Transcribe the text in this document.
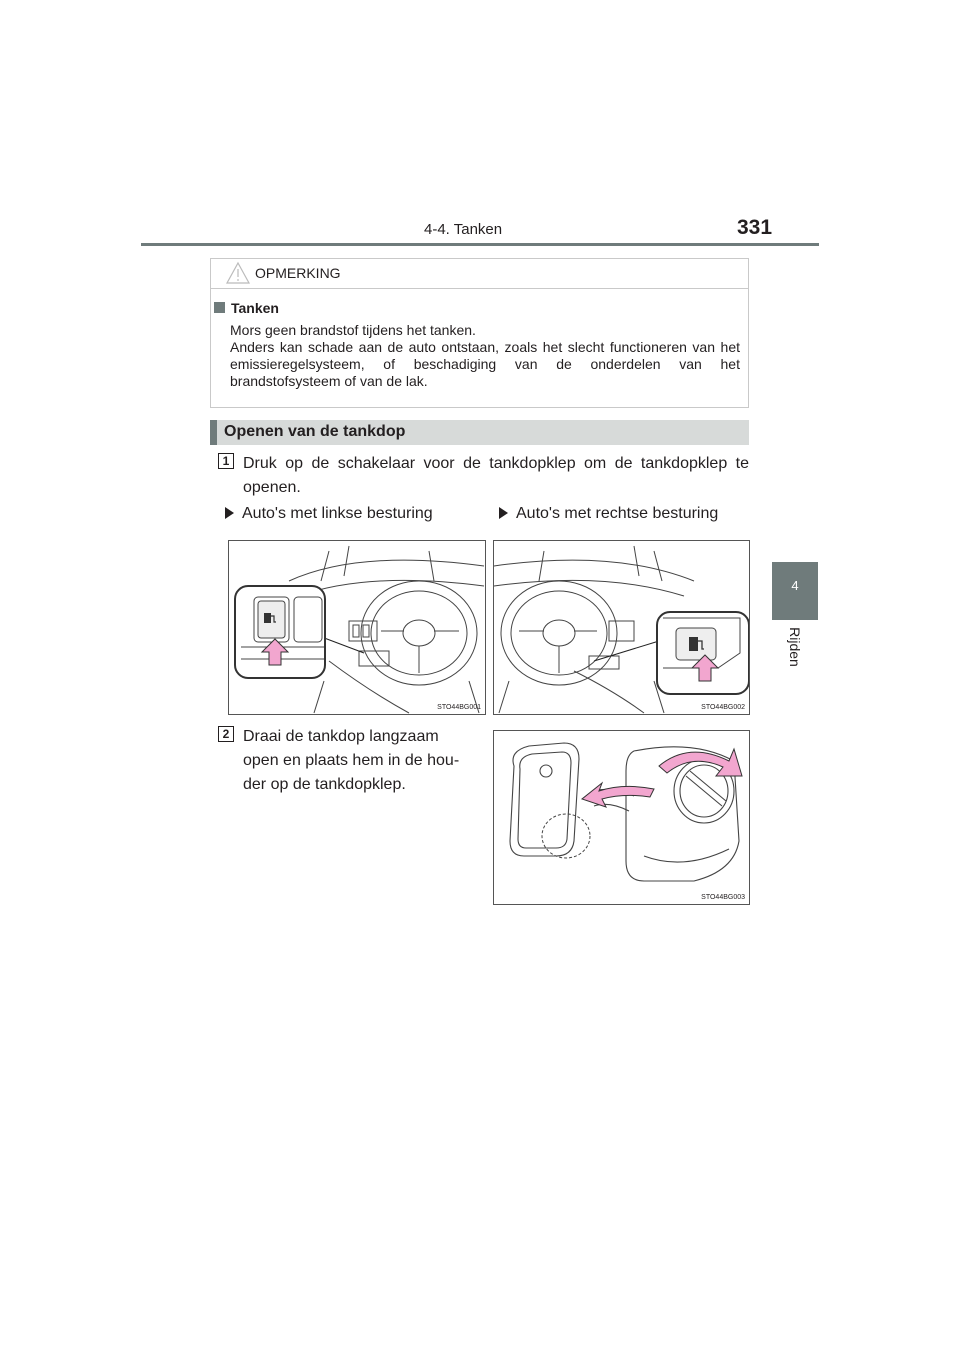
4-4. Tanken	331
4
Rijden
OPMERKING
Tanken

Mors geen brandstof tijdens het tanken.

Anders kan schade aan de auto ontstaan, zoals het slecht functioneren van het emissieregelsysteem, of beschadiging van de onderdelen van het brandstofsysteem of van de lak.

Openen van de tankdop
1 Druk op de schakelaar voor de tankdopklep om de tankdopklep te openen.
Auto's met linkse besturing	Auto's met rechtse besturing
STO44BG001	STO44BG002
2 Draai de tankdop langzaam
open en plaats hem in de hou-
der op de tankdopklep.
STO44BG003
